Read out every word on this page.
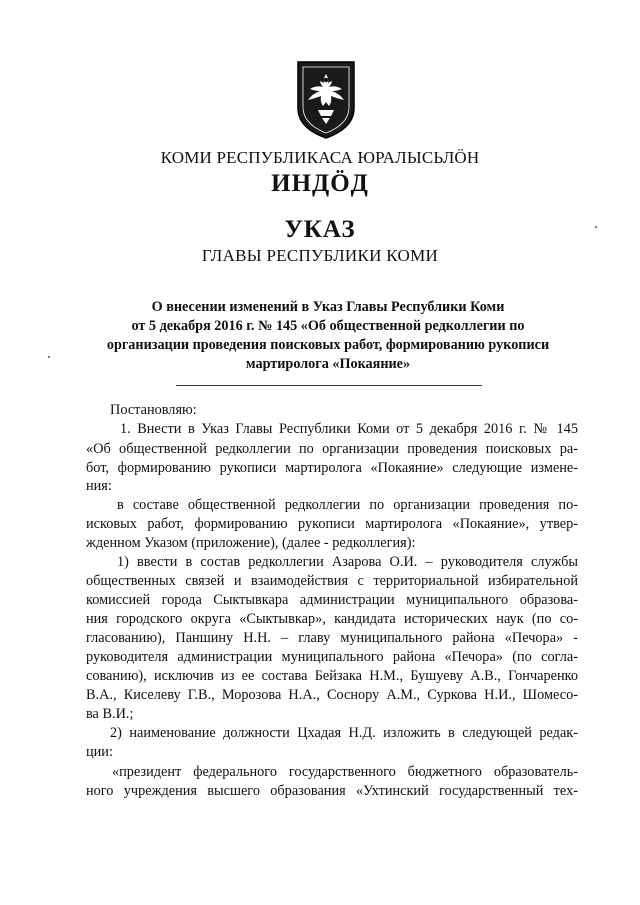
КОМИ РЕСПУБЛИКАСА ЮРАЛЫСЬЛӦН
ИНДӦД
УКАЗ
ГЛАВЫ РЕСПУБЛИКИ КОМИ
О внесении изменений в Указ Главы Республики Коми
от 5 декабря 2016 г. № 145 «Об общественной редколлегии по
организации проведения поисковых работ, формированию рукописи
мартиролога «Покаяние»
Постановляю:
1. Внести в Указ Главы Республики Коми от 5 декабря 2016 г. № 145
«Об общественной редколлегии по организации проведения поисковых ра-
бот, формированию рукописи мартиролога «Покаяние» следующие измене-
ния:
в составе общественной редколлегии по организации проведения по-
исковых работ, формированию рукописи мартиролога «Покаяние», утвер-
жденном Указом (приложение), (далее - редколлегия):
1) ввести в состав редколлегии Азарова О.И. – руководителя службы
общественных связей и взаимодействия с территориальной избирательной
комиссией города Сыктывкара администрации муниципального образова-
ния городского округа «Сыктывкар», кандидата исторических наук (по со-
гласованию), Паншину Н.Н. – главу муниципального района «Печора» -
руководителя администрации муниципального района «Печора» (по согла-
сованию), исключив из ее состава Бейзака Н.М., Бушуеву А.В., Гончаренко
В.А., Киселеву Г.В., Морозова Н.А., Соснору А.М., Суркова Н.И., Шомесо-
ва В.И.;
2) наименование должности Цхадая Н.Д. изложить в следующей редак-
ции:
«президент федерального государственного бюджетного образователь-
ного учреждения высшего образования «Ухтинский государственный тех-
